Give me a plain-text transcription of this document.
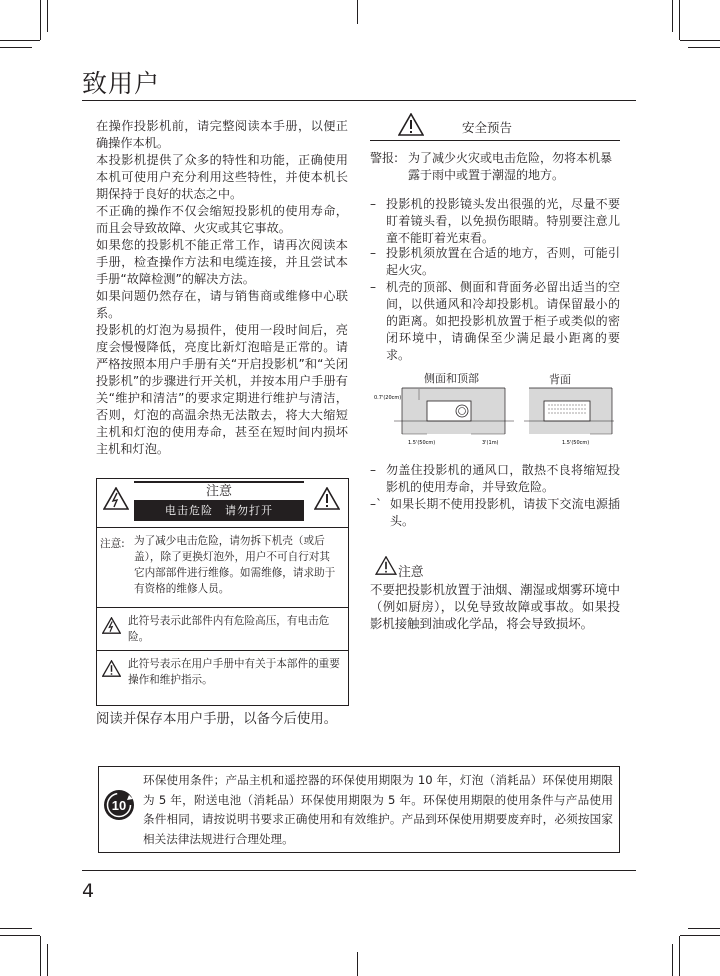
致用户

在操作投影机前，请完整阅读本手册，以便正确操作本机。

本投影机提供了众多的特性和功能，正确使用本机可使用户充分利用这些特性，并使本机长期保持于良好的状态之中。

不正确的操作不仅会缩短投影机的使用寿命，而且会导致故障、火灾或其它事故。

如果您的投影机不能正常工作，请再次阅读本手册，检查操作方法和电缆连接，并且尝试本手册“故障检测”的解决方法。

如果问题仍然存在，请与销售商或维修中心联系。

投影机的灯泡为易损件，使用一段时间后，亮度会慢慢降低，亮度比新灯泡暗是正常的。请严格按照本用户手册有关“开启投影机”和“关闭投影机”的步骤进行开关机，并按本用户手册有关“维护和清洁”的要求定期进行维护与清洁，否则，灯泡的高温余热无法散去，将大大缩短主机和灯泡的使用寿命，甚至在短时间内损坏主机和灯泡。

注意
电击危险　请勿打开
注意: 为了减少电击危险，请勿拆下机壳（或后盖），除了更换灯泡外，用户不可自行对其它内部部件进行维修。如需维修，请求助于有资格的维修人员。
此符号表示此部件内有危险高压，有电击危险。
此符号表示在用户手册中有关于本部件的重要操作和维护指示。
阅读并保存本用户手册，以备今后使用。
安全预告
警报: 为了减少火灾或电击危险，勿将本机暴露于雨中或置于潮湿的地方。
– 投影机的投影镜头发出很强的光，尽量不要盯着镜头看，以免损伤眼睛。特别要注意儿童不能盯着光束看。
– 投影机须放置在合适的地方，否则，可能引起火灾。
– 机壳的顶部、侧面和背面务必留出适当的空间，以供通风和冷却投影机。请保留最小的的距离。如把投影机放置于柜子或类似的密闭环境中，请确保至少满足最小距离的要求。
侧面和顶部	背面
0.7'(20cm)
1.5'(50cm)	3'(1m)	1.5'(50cm)
– 勿盖住投影机的通风口，散热不良将缩短投影机的使用寿命，并导致危险。
–` 如果长期不使用投影机，请拔下交流电源插头。
注意
不要把投影机放置于油烟、潮湿或烟雾环境中（例如厨房），以免导致故障或事故。如果投影机接触到油或化学品，将会导致损坏。
10
环保使用条件；产品主机和遥控器的环保使用期限为 10 年，灯泡（消耗品）环保使用期限为 5 年，附送电池（消耗品）环保使用期限为 5 年。环保使用期限的使用条件与产品使用条件相同，请按说明书要求正确使用和有效维护。产品到环保使用期要废弃时，必须按国家相关法律法规进行合理处理。
4
